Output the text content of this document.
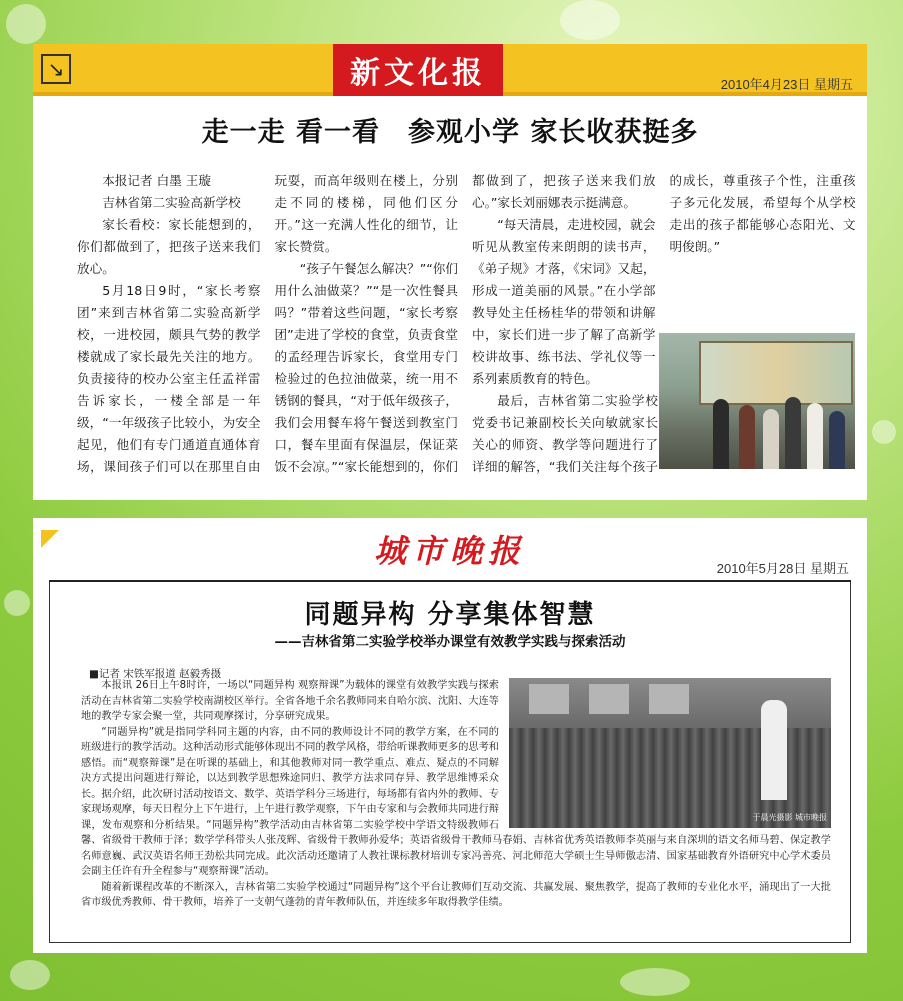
↘	新文化报	2010年4月23日 星期五
走一走 看一看　参观小学 家长收获挺多

本报记者 白墨 王璇

吉林省第二实验高新学校

家长看校：家长能想到的，你们都做到了，把孩子送来我们放心。

5月18日9时，“家长考察团”来到吉林省第二实验高新学校，一进校园，颇具气势的教学楼就成了家长最先关注的地方。负责接待的校办公室主任孟祥雷告诉家长，一楼全部是一年级，“一年级孩子比较小，为安全起见，他们有专门通道直通体育场，课间孩子们可以在那里自由玩耍，而高年级则在楼上，分别走不同的楼梯，同他们区分开。”这一充满人性化的细节，让家长赞赏。

“孩子午餐怎么解决？”“你们用什么油做菜？”“是一次性餐具吗？”带着这些问题，“家长考察团”走进了学校的食堂，负责食堂的孟经理告诉家长，食堂用专门检验过的色拉油做菜，统一用不锈钢的餐具，“对于低年级孩子，我们会用餐车将午餐送到教室门口，餐车里面有保温层，保证菜饭不会凉。”“家长能想到的，你们都做到了，把孩子送来我们放心。”家长刘丽娜表示挺满意。

“每天清晨，走进校园，就会听见从教室传来朗朗的读书声，《弟子规》才落，《宋词》又起，形成一道美丽的风景。”在小学部教导处主任杨桂华的带领和讲解中，家长们进一步了解了高新学校讲故事、练书法、学礼仪等一系列素质教育的特色。

最后，吉林省第二实验学校党委书记兼副校长关向敏就家长关心的师资、教学等问题进行了详细的解答，“我们关注每个孩子的成长，尊重孩子个性，注重孩子多元化发展，希望每个从学校走出的孩子都能够心态阳光、文明俊朗。”

城市晚报	2010年5月28日 星期五
同题异构 分享集体智慧
——吉林省第二实验学校举办课堂有效教学实践与探索活动
■记者 宋铁军报道 赵毅秀摄
于晨光摄影 城市晚报

本报讯 26日上午8时许，一场以“同题异构 观察辩课”为载体的课堂有效教学实践与探索活动在吉林省第二实验学校南湖校区举行。全省各地千余名教师同来自哈尔滨、沈阳、大连等地的教学专家会聚一堂，共同观摩探讨，分享研究成果。

“同题异构”就是指同学科同主题的内容，由不同的教师设计不同的教学方案，在不同的班级进行的教学活动。这种活动形式能够体现出不同的教学风格，带给听课教师更多的思考和感悟。而“观察辩课”是在听课的基础上，和其他教师对同一教学重点、难点、疑点的不同解决方式提出问题进行辩论，以达到教学思想殊途同归、教学方法求同存异、教学思维博采众长。据介绍，此次研讨活动按语文、数学、英语学科分三场进行，每场都有省内外的教师、专家现场观摩，每天日程分上下午进行，上午进行教学观察，下午由专家和与会教师共同进行辩课，发布观察和分析结果。“同题异构”教学活动由吉林省第二实验学校中学语文特级教师石馨、省级骨干教师于泽；数学学科带头人张茂辉、省级骨干教师孙爱华；英语省级骨干教师马春娟、吉林省优秀英语教师李英丽与来自深圳的语文名师马碧、保定教学名师意巍、武汉英语名师王劲松共同完成。此次活动还邀请了人教社课标教材培训专家冯善亮、河北师范大学硕士生导师傲志清、国家基础教育外语研究中心学术委员会副主任许有升全程参与“观察辩课”活动。

随着新课程改革的不断深入，吉林省第二实验学校通过“同题异构”这个平台让教师们互动交流、共赢发展、聚焦教学，提高了教师的专业化水平，涌现出了一大批省市级优秀教师、骨干教师，培养了一支朝气蓬勃的青年教师队伍，并连续多年取得教学佳绩。
